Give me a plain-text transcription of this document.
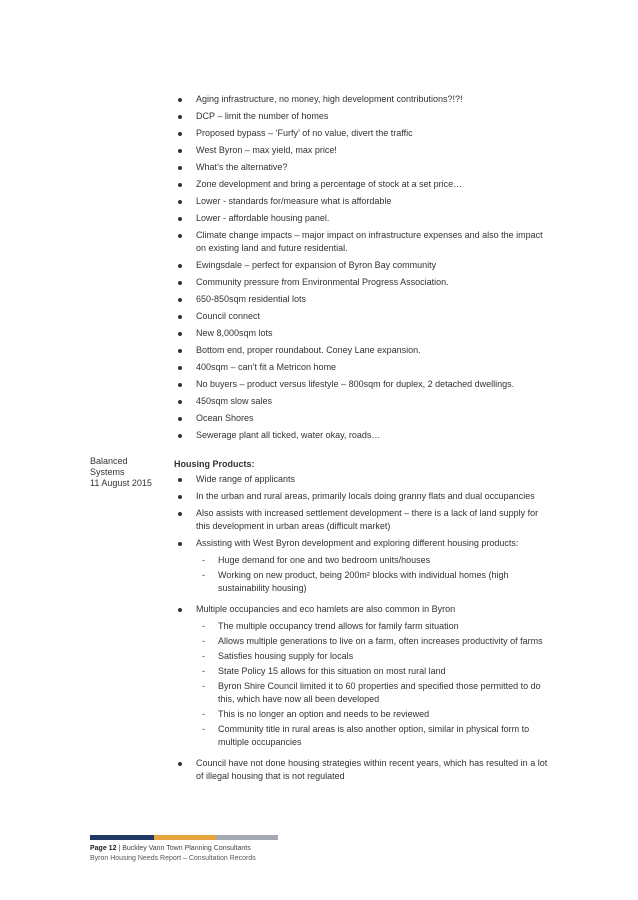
Aging infrastructure, no money, high development contributions?!?!
DCP – limit the number of homes
Proposed bypass – ‘Furfy’ of no value, divert the traffic
West Byron – max yield, max price!
What’s the alternative?
Zone development and bring a percentage of stock at a set price…
Lower - standards for/measure what is affordable
Lower - affordable housing panel.
Climate change impacts – major impact on infrastructure expenses and also the impact on existing land and future residential.
Ewingsdale – perfect for expansion of Byron Bay community
Community pressure from Environmental Progress Association.
650-850sqm residential lots
Council connect
New 8,000sqm lots
Bottom end, proper roundabout. Coney Lane expansion.
400sqm – can’t fit a Metricon home
No buyers – product versus lifestyle – 800sqm for duplex, 2 detached dwellings.
450sqm slow sales
Ocean Shores
Sewerage plant all ticked, water okay, roads…
Balanced
Systems
11 August 2015
Housing Products:
Wide range of applicants
In the urban and rural areas, primarily locals doing granny flats and dual occupancies
Also assists with increased settlement development – there is a lack of land supply for this development in urban areas (difficult market)
Assisting with West Byron development and exploring different housing products:
- Huge demand for one and two bedroom units/houses
- Working on new product, being 200m² blocks with individual homes (high sustainability housing)
Multiple occupancies and eco hamlets are also common in Byron
- The multiple occupancy trend allows for family farm situation
- Allows multiple generations to live on a farm, often increases productivity of farms
- Satisfies housing supply for locals
- State Policy 15 allows for this situation on most rural land
- Byron Shire Council limited it to 60 properties and specified those permitted to do this, which have now all been developed
- This is no longer an option and needs to be reviewed
- Community title in rural areas is also another option, similar in physical form to multiple occupancies
Council have not done housing strategies within recent years, which has resulted in a lot of illegal housing that is not regulated
Page 12 | Buckley Vann Town Planning Consultants
Byron Housing Needs Report – Consultation Records
